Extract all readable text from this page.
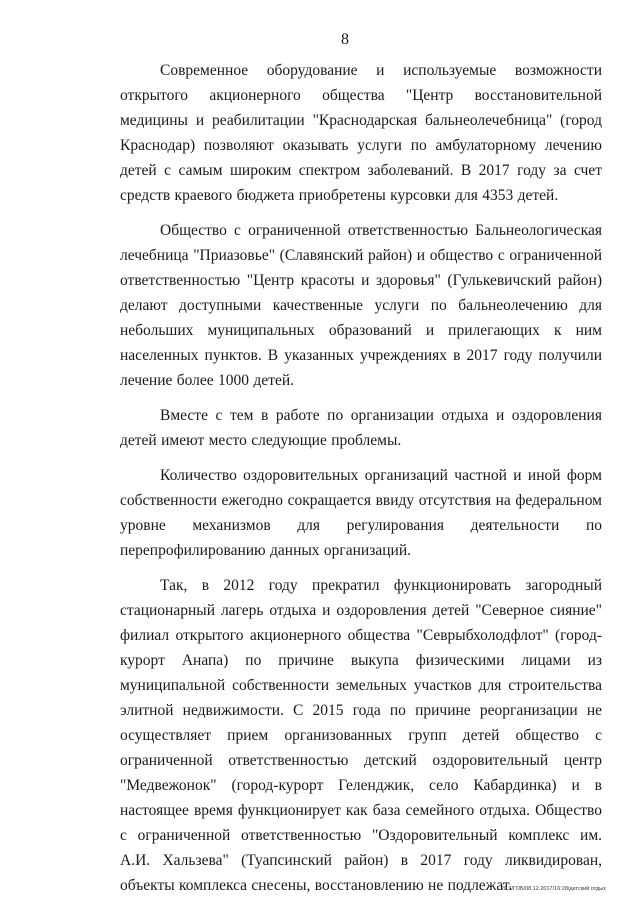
8

Современное оборудование и используемые возможности открытого акционерного общества "Центр восстановительной медицины и реабилитации "Краснодарская бальнеолечебница" (город Краснодар) позволяют оказывать услуги по амбулаторному лечению детей с самым широким спектром заболеваний. В 2017 году за счет средств краевого бюджета приобретены курсовки для 4353 детей.

Общество с ограниченной ответственностью Бальнеологическая лечебница "Приазовье" (Славянский район) и общество с ограниченной ответственностью "Центр красоты и здоровья" (Гулькевичский район) делают доступными качественные услуги по бальнеолечению для небольших муниципальных образований и прилегающих к ним населенных пунктов. В указанных учреждениях в 2017 году получили лечение более 1000 детей.

Вместе с тем в работе по организации отдыха и оздоровления детей имеют место следующие проблемы.

Количество оздоровительных организаций частной и иной форм собственности ежегодно сокращается ввиду отсутствия на федеральном уровне механизмов для регулирования деятельности по перепрофилированию данных организаций.

Так, в 2012 году прекратил функционировать загородный стационарный лагерь отдыха и оздоровления детей "Северное сияние" филиал открытого акционерного общества "Севрыбхолодфлот" (город-курорт Анапа) по причине выкупа физическими лицами из муниципальной собственности земельных участков для строительства элитной недвижимости. С 2015 года по причине реорганизации не осуществляет прием организованных групп детей общество с ограниченной ответственностью детский оздоровительный центр "Медвежонок" (город-курорт Геленджик, село Кабардинка) и в настоящее время функционирует как база семейного отдыха. Общество с ограниченной ответственностью "Оздоровительный комплекс им. А.И. Хальзева" (Туапсинский район) в 2017 году ликвидирован, объекты комплекса снесены, восстановлению не подлежат.

20.3/ГОБ/08.12.2017/16:28/детский отдых
